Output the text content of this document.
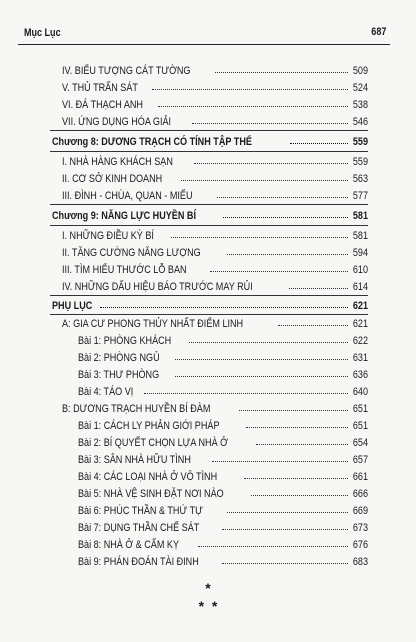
Mục Lục	687
IV. BIỂU TƯỢNG CÁT TƯỜNG	509
V. THỦ TRẤN SÁT	524
VI. ĐÁ THẠCH ANH	538
VII. ỨNG DỤNG HÓA GIẢI	546
Chương 8: DƯƠNG TRẠCH CÓ TÍNH TẬP THỂ	559
I. NHÀ HÀNG KHÁCH SẠN	559
II. CƠ SỞ KINH DOANH	563
III. ĐÌNH - CHÙA, QUAN - MIẾU	577
Chương 9: NĂNG LỰC HUYỀN BÍ	581
I. NHỮNG ĐIỀU KỲ BÍ	581
II. TĂNG CƯỜNG NĂNG LƯỢNG	594
III. TÌM HIỂU THƯỚC LỖ BAN	610
IV. NHỮNG DẤU HIỆU BÁO TRƯỚC MAY RỦI	614
PHỤ LỤC	621
A: GIA CƯ PHONG THỦY NHẤT ĐIỂM LINH	621
Bài 1: PHÒNG KHÁCH	622
Bài 2: PHÒNG NGỦ	631
Bài 3: THƯ PHÒNG	636
Bài 4: TÁO VỊ	640
B: DƯƠNG TRẠCH HUYỀN BÍ ĐÀM	651
Bài 1: CÁCH LY PHẢN GIỚI PHÁP	651
Bài 2: BÍ QUYẾT CHỌN LỰA NHÀ Ở	654
Bài 3: SÂN NHÀ HỮU TÌNH	657
Bài 4: CÁC LOẠI NHÀ Ở VÔ TÌNH	661
Bài 5: NHÀ VỆ SINH ĐẶT NƠI NÀO	666
Bài 6: PHÚC THẦN & THỨ TỰ	669
Bài 7: DỤNG THẦN CHẾ SÁT	673
Bài 8: NHÀ Ở & CẤM KỴ	676
Bài 9: PHÁN ĐOÁN TÀI ĐINH	683
*
*  *
